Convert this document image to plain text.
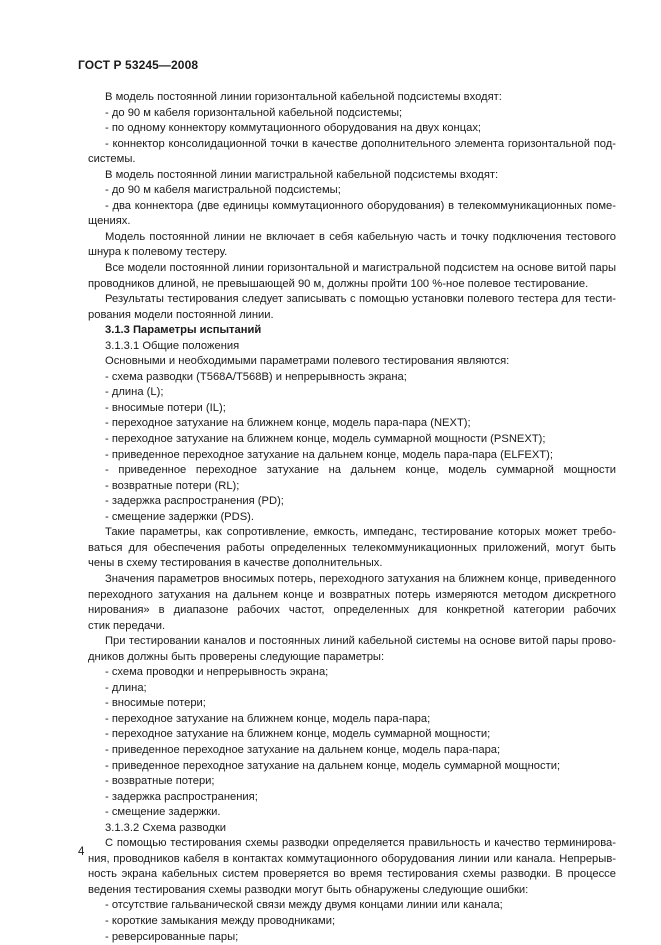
ГОСТ Р 53245—2008
В модель постоянной линии горизонтальной кабельной подсистемы входят:
- до 90 м кабеля горизонтальной кабельной подсистемы;
- по одному коннектору коммутационного оборудования на двух концах;
- коннектор консолидационной точки в качестве дополнительного элемента горизонтальной под-
системы.
В модель постоянной линии магистральной кабельной подсистемы входят:
- до 90 м кабеля магистральной подсистемы;
- два коннектора (две единицы коммутационного оборудования) в телекоммуникационных поме-
щениях.
Модель постоянной линии не включает в себя кабельную часть и точку подключения тестового
шнура к полевому тестеру.
Все модели постоянной линии горизонтальной и магистральной подсистем на основе витой пары
проводников длиной, не превышающей 90 м, должны пройти 100 %-ное полевое тестирование.
Результаты тестирования следует записывать с помощью установки полевого тестера для тести-
рования модели постоянной линии.
3.1.3 Параметры испытаний
3.1.3.1 Общие положения
Основными и необходимыми параметрами полевого тестирования являются:
- схема разводки (T568A/T568B) и непрерывность экрана;
- длина (L);
- вносимые потери (IL);
- переходное затухание на ближнем конце, модель пара-пара (NEXT);
- переходное затухание на ближнем конце, модель суммарной мощности (PSNEXT);
- приведенное переходное затухание на дальнем конце, модель пара-пара (ELFEXT);
- приведенное переходное затухание на дальнем конце, модель суммарной мощности
- возвратные потери (RL);
- задержка распространения (PD);
- смещение задержки (PDS).
Такие параметры, как сопротивление, емкость, импеданс, тестирование которых может требо-
ваться для обеспечения работы определенных телекоммуникационных приложений, могут быть
чены в схему тестирования в качестве дополнительных.
Значения параметров вносимых потерь, переходного затухания на ближнем конце, приведенного
переходного затухания на дальнем конце и возвратных потерь измеряются методом дискретного
нирования» в диапазоне рабочих частот, определенных для конкретной категории рабочих
стик передачи.
При тестировании каналов и постоянных линий кабельной системы на основе витой пары прово-
дников должны быть проверены следующие параметры:
- схема проводки и непрерывность экрана;
- длина;
- вносимые потери;
- переходное затухание на ближнем конце, модель пара-пара;
- переходное затухание на ближнем конце, модель суммарной мощности;
- приведенное переходное затухание на дальнем конце, модель пара-пара;
- приведенное переходное затухание на дальнем конце, модель суммарной мощности;
- возвратные потери;
- задержка распространения;
- смещение задержки.
3.1.3.2 Схема разводки
С помощью тестирования схемы разводки определяется правильность и качество терминирова-
ния, проводников кабеля в контактах коммутационного оборудования линии или канала. Непрерыв-
ность экрана кабельных систем проверяется во время тестирования схемы разводки. В процессе
ведения тестирования схемы разводки могут быть обнаружены следующие ошибки:
- отсутствие гальванической связи между двумя концами линии или канала;
- короткие замыкания между проводниками;
- реверсированные пары;
4
